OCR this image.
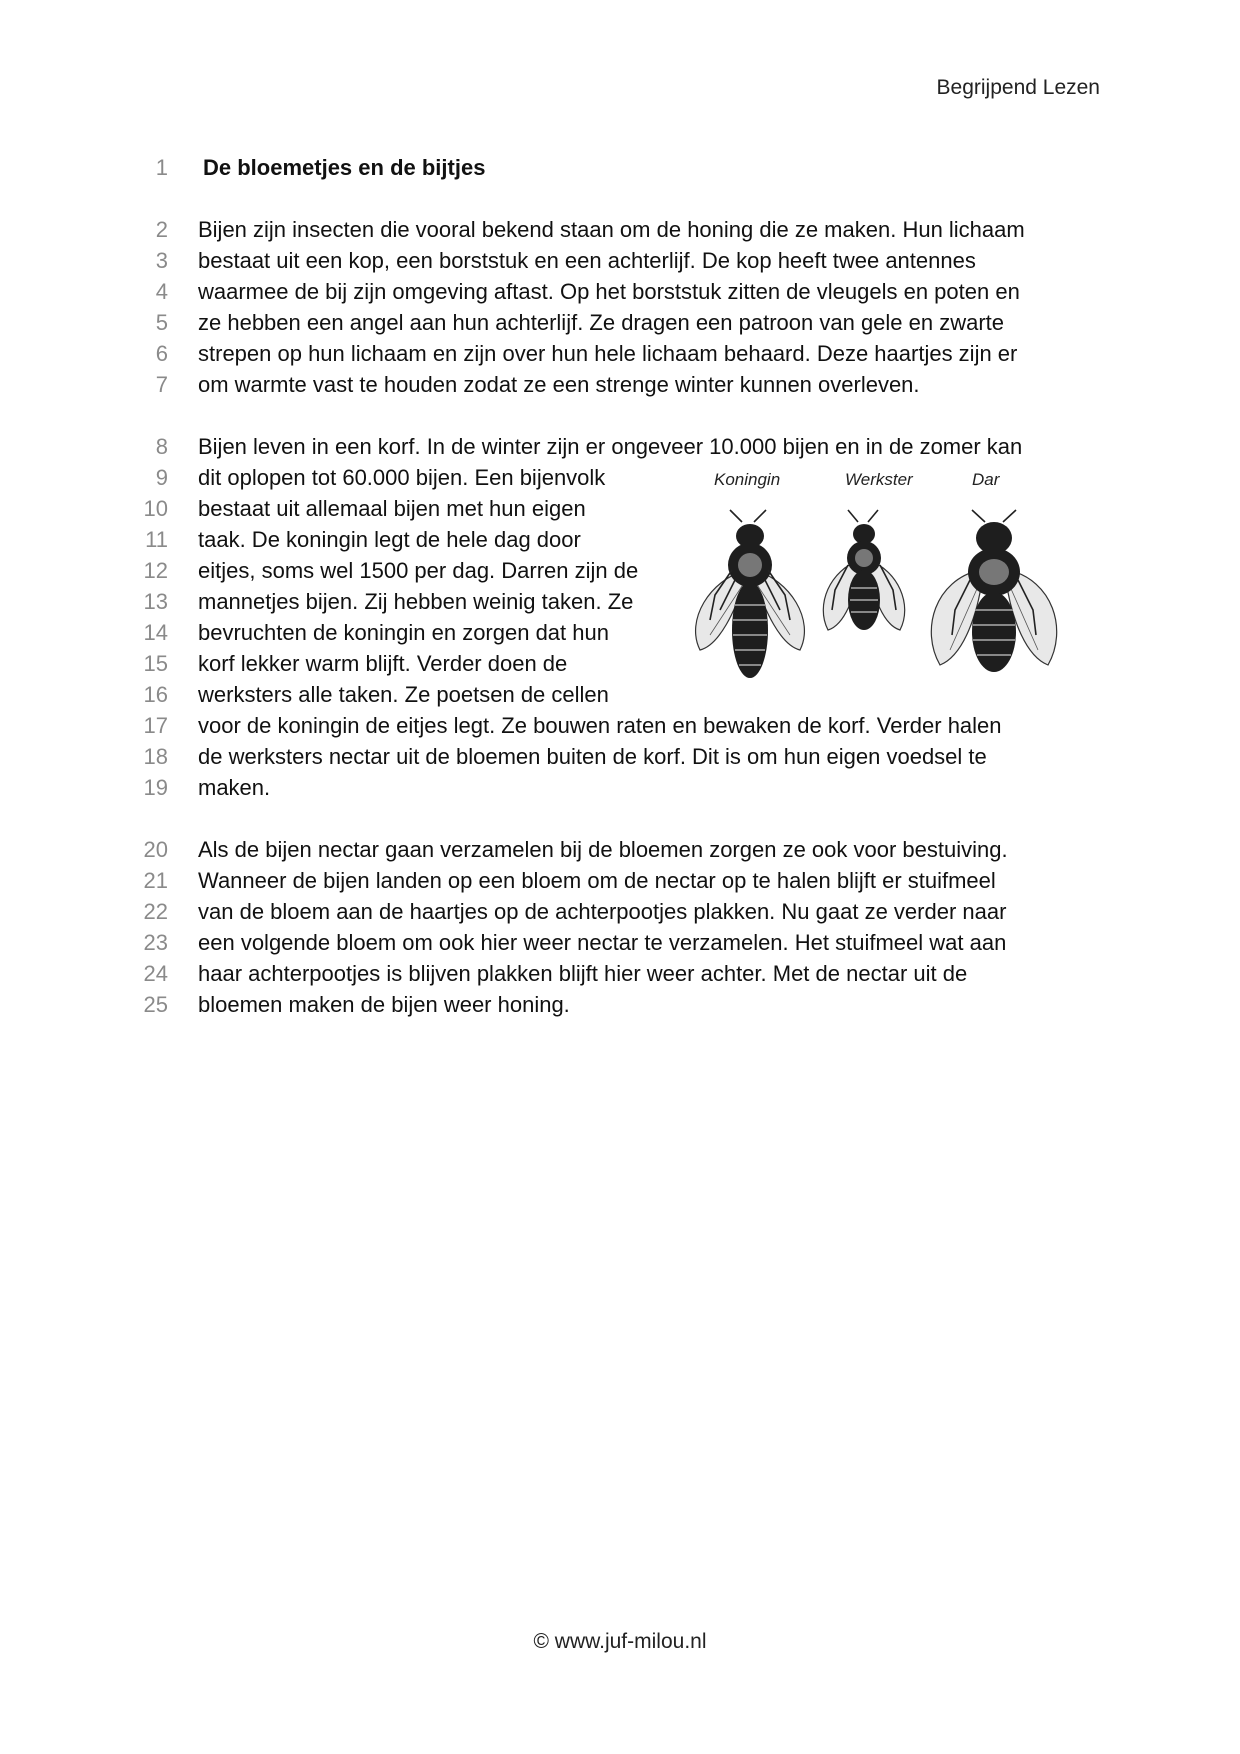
Begrijpend Lezen
1 De bloemetjes en de bijtjes
2 Bijen zijn insecten die vooral bekend staan om de honing die ze maken. Hun lichaam
3 bestaat uit een kop, een borststuk en een achterlijf. De kop heeft twee antennes
4 waarmee de bij zijn omgeving aftast. Op het borststuk zitten de vleugels en poten en
5 ze hebben een angel aan hun achterlijf. Ze dragen een patroon van gele en zwarte
6 strepen op hun lichaam en zijn over hun hele lichaam behaard. Deze haartjes zijn er
7 om warmte vast te houden zodat ze een strenge winter kunnen overleven.
8 Bijen leven in een korf. In de winter zijn er ongeveer 10.000 bijen en in de zomer kan
9 dit oplopen tot 60.000 bijen. Een bijenvolk
10 bestaat uit allemaal bijen met hun eigen
11 taak. De koningin legt de hele dag door
12 eitjes, soms wel 1500 per dag. Darren zijn de
13 mannetjes bijen. Zij hebben weinig taken. Ze
14 bevruchten de koningin en zorgen dat hun
15 korf lekker warm blijft. Verder doen de
16 werksters alle taken. Ze poetsen de cellen
17 voor de koningin de eitjes legt. Ze bouwen raten en bewaken de korf. Verder halen
18 de werksters nectar uit de bloemen buiten de korf. Dit is om hun eigen voedsel te
19 maken.
20 Als de bijen nectar gaan verzamelen bij de bloemen zorgen ze ook voor bestuiving.
21 Wanneer de bijen landen op een bloem om de nectar op te halen blijft er stuifmeel
22 van de bloem aan de haartjes op de achterpootjes plakken. Nu gaat ze verder naar
23 een volgende bloem om ook hier weer nectar te verzamelen. Het stuifmeel wat aan
24 haar achterpootjes is blijven plakken blijft hier weer achter. Met de nectar uit de
25 bloemen maken de bijen weer honing.
Koningin	Werkster	Dar
© www.juf-milou.nl
